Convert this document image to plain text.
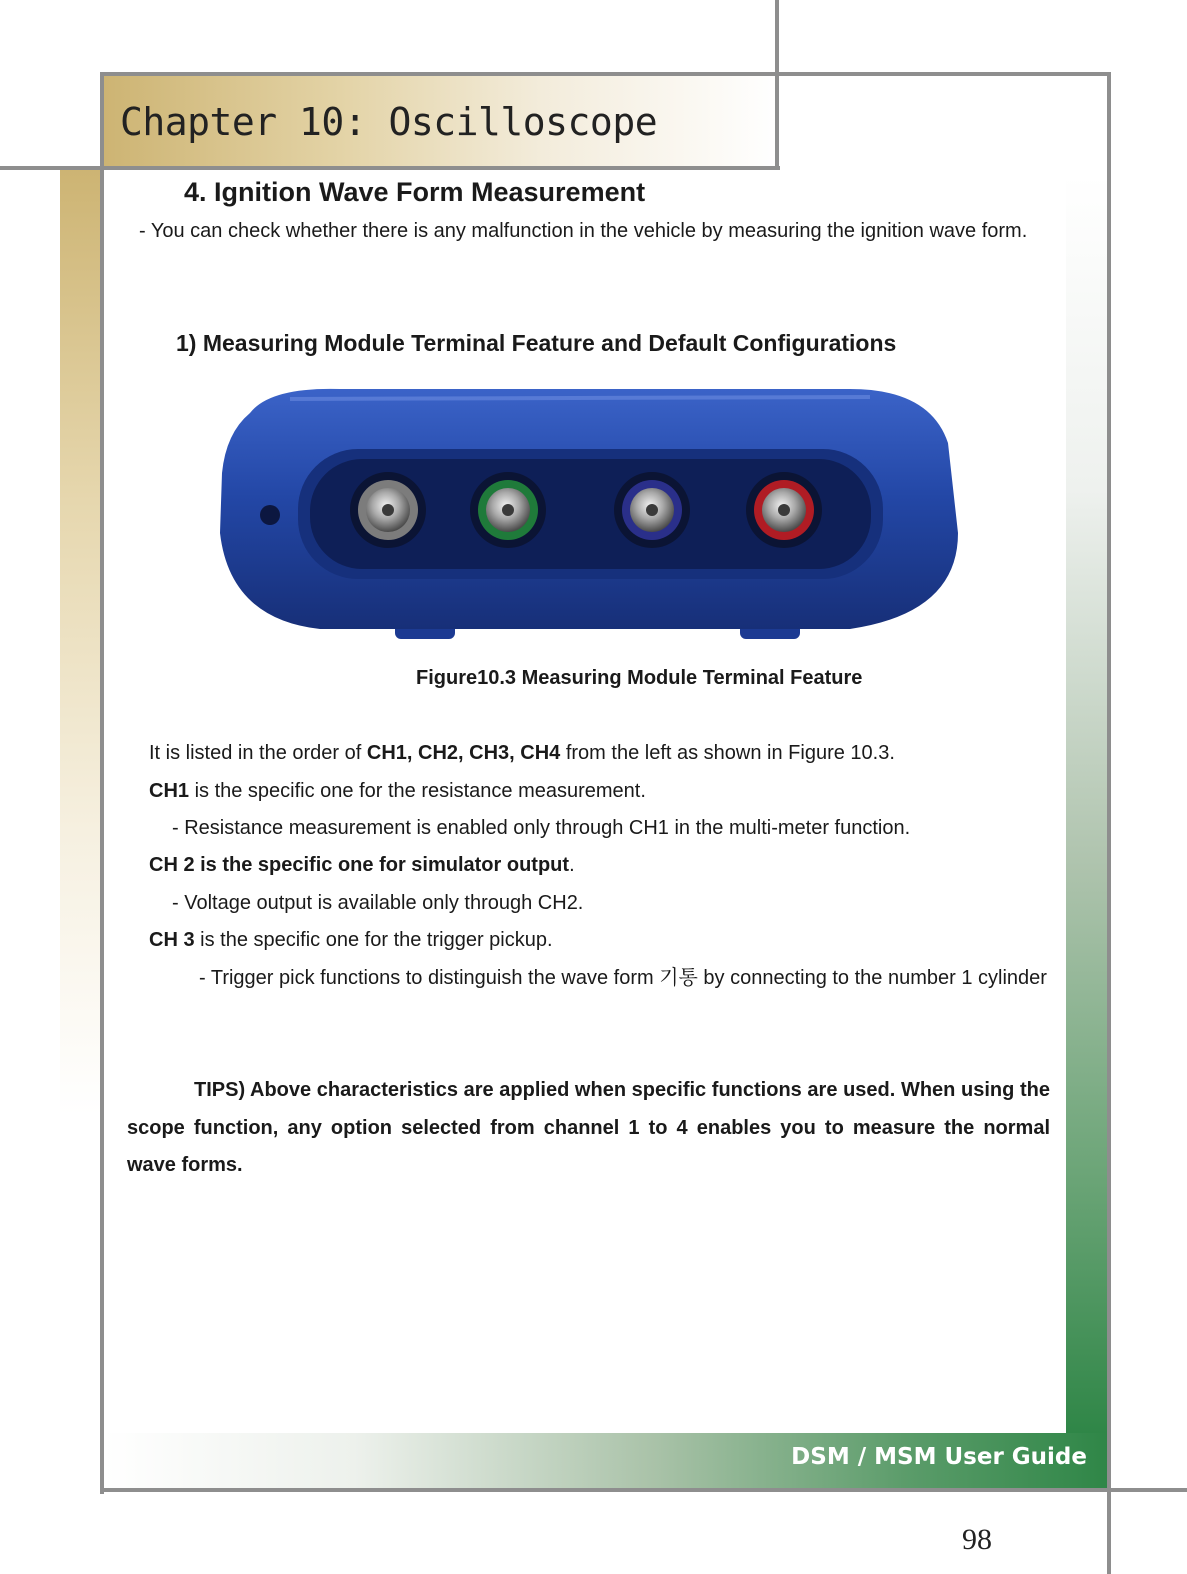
Chapter 10: Oscilloscope
4. Ignition Wave Form Measurement
- You can check whether there is any malfunction in the vehicle by measuring the ignition wave form.
1) Measuring Module Terminal Feature and Default Configurations
Figure10.3 Measuring Module Terminal Feature
It is listed in the order of CH1, CH2, CH3, CH4 from the left as shown in Figure 10.3.
CH1 is the specific one for the resistance measurement.
- Resistance measurement is enabled only through CH1 in the multi-meter function.
CH 2 is the specific one for simulator output.
- Voltage output is available only through CH2.
CH 3 is the specific one for the trigger pickup.
- Trigger pick functions to distinguish the wave form 기통 by connecting to the number 1 cylinder
TIPS) Above characteristics are applied when specific functions are used. When using the scope function, any option selected from channel 1 to 4 enables you to measure the normal wave forms.
DSM / MSM User Guide
98
